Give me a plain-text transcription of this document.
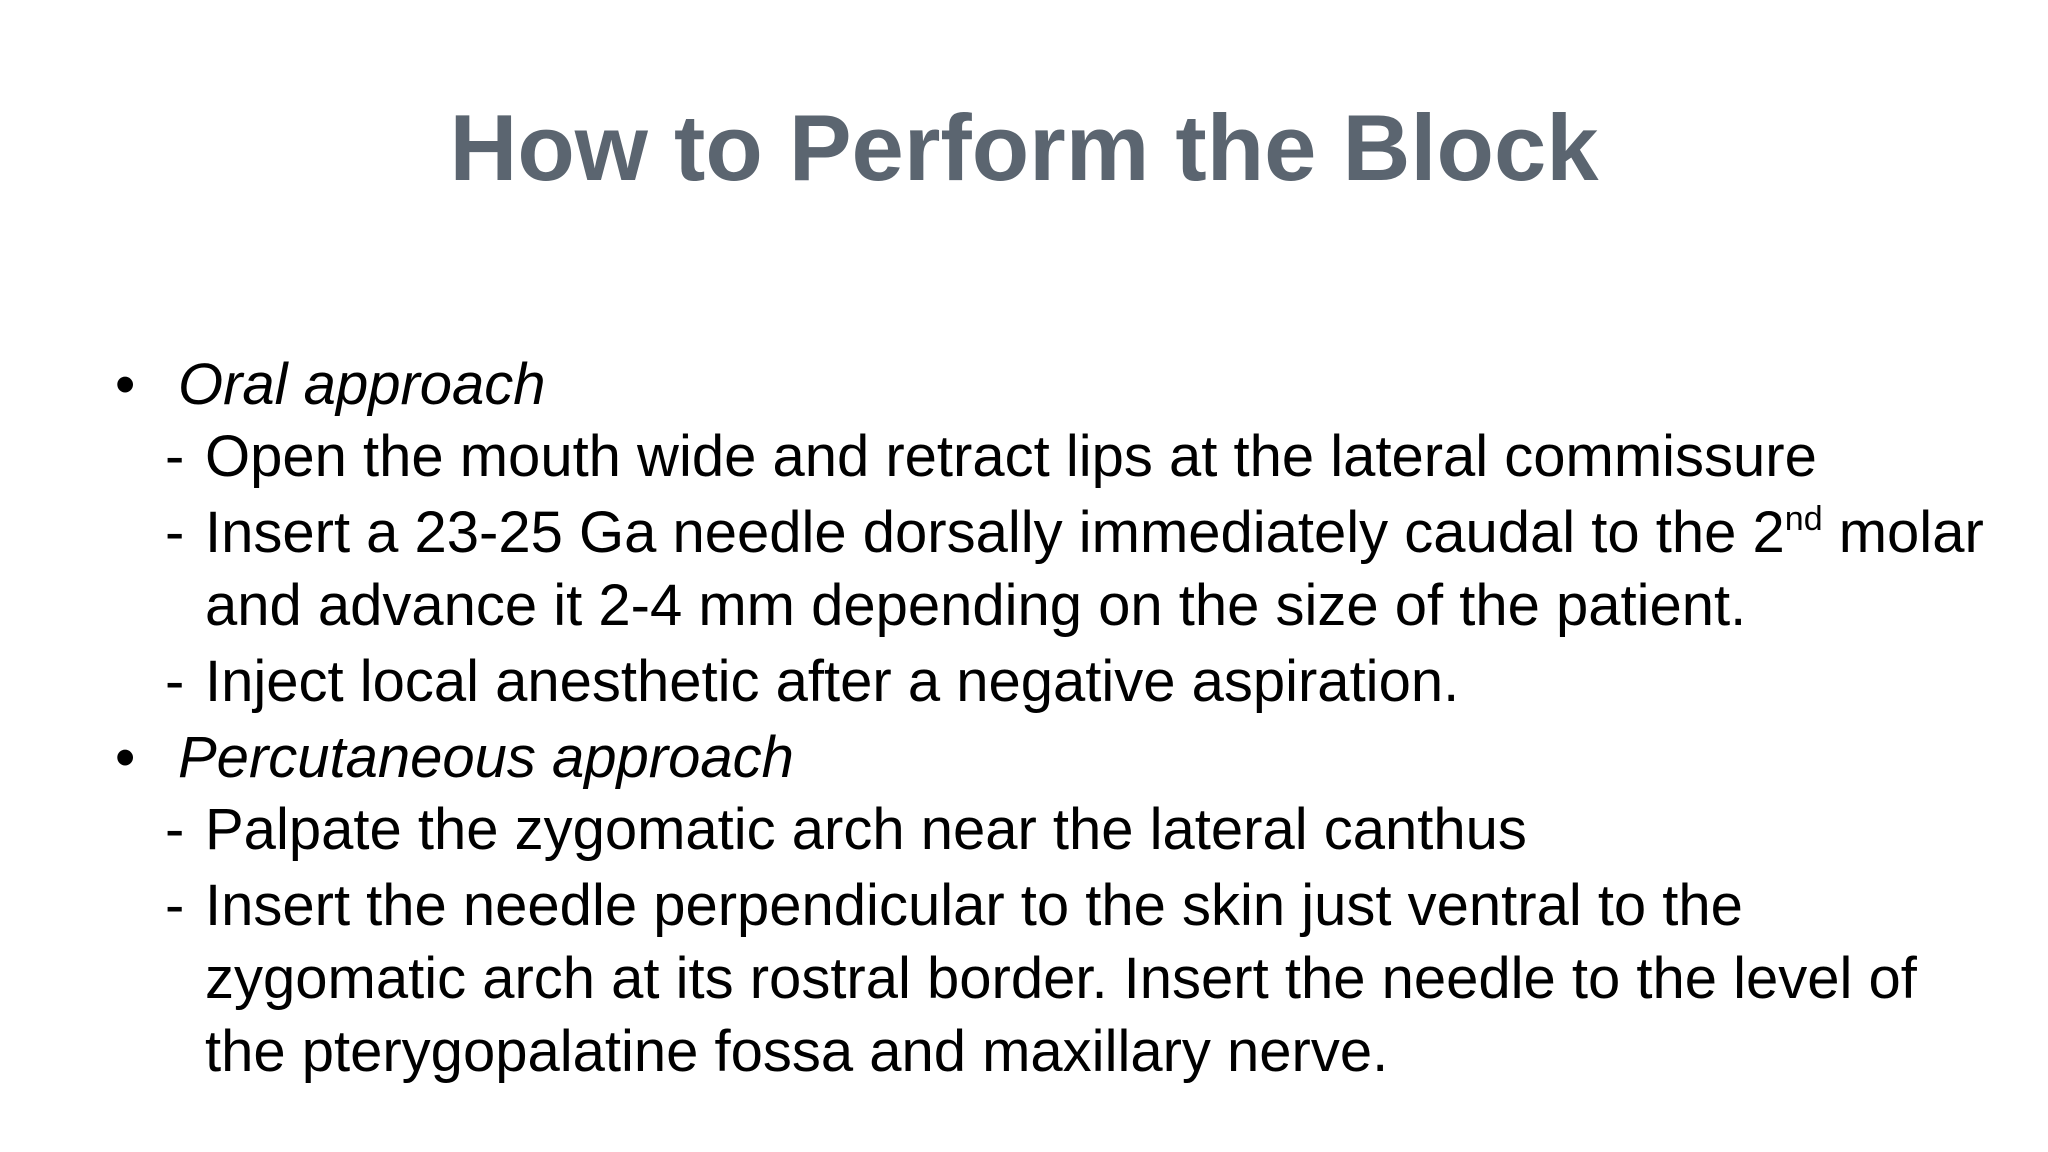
How to Perform the Block
• Oral approach
- Open the mouth wide and retract lips at the lateral commissure
- Insert a 23-25 Ga needle dorsally immediately caudal to the 2nd molar and advance it 2-4 mm depending on the size of the patient.
- Inject local anesthetic after a negative aspiration.
• Percutaneous approach
- Palpate the zygomatic arch near the lateral canthus
- Insert the needle perpendicular to the skin just ventral to the zygomatic arch at its rostral border. Insert the needle to the level of the pterygopalatine fossa and maxillary nerve.
